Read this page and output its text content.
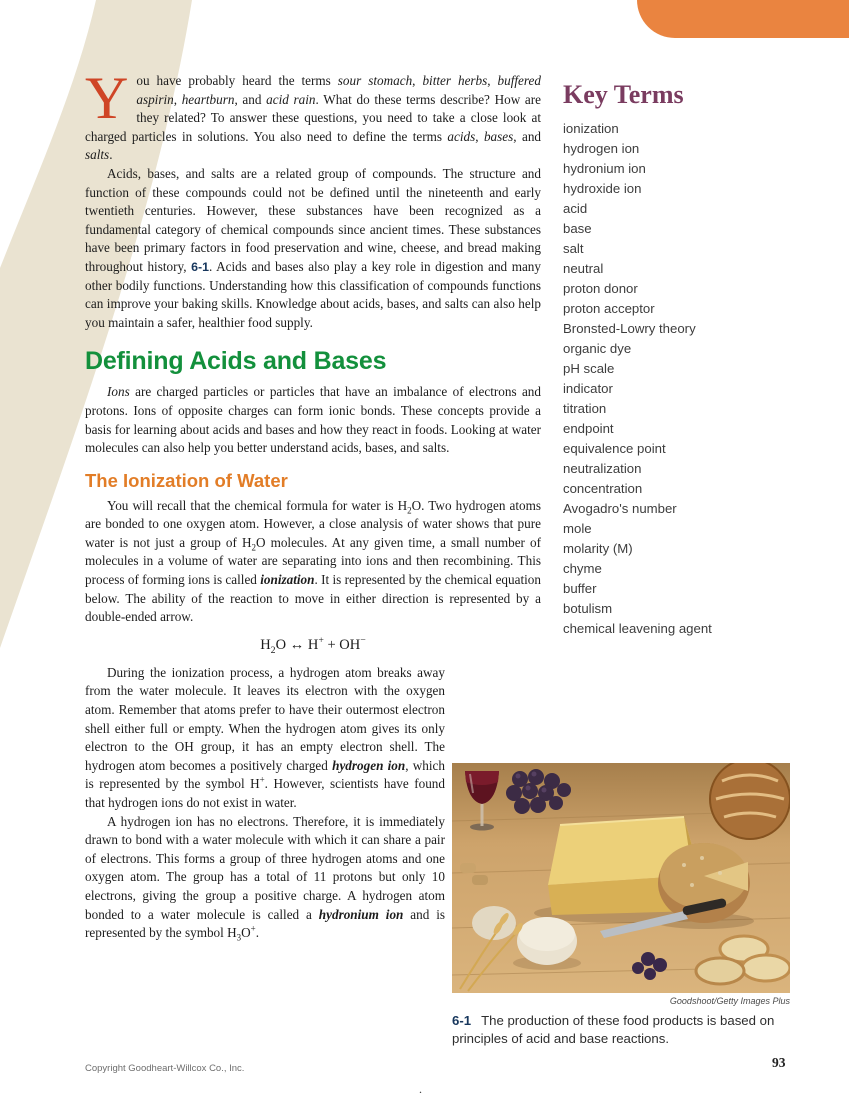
You have probably heard the terms sour stomach, bitter herbs, buffered aspirin, heartburn, and acid rain. What do these terms describe? How are they related? To answer these questions, you need to take a close look at charged particles in solutions. You also need to define the terms acids, bases, and salts.

Acids, bases, and salts are a related group of compounds. The structure and function of these compounds could not be defined until the nineteenth and early twentieth centuries. However, these substances have been recognized as a fundamental category of chemical compounds since ancient times. These substances have been primary factors in food preservation and wine, cheese, and bread making throughout history, 6-1. Acids and bases also play a key role in digestion and many other bodily functions. Understanding how this classification of compounds functions can improve your baking skills. Knowledge about acids, bases, and salts can also help you maintain a safer, healthier food supply.

Defining Acids and Bases

Ions are charged particles or particles that have an imbalance of electrons and protons. Ions of opposite charges can form ionic bonds. These concepts provide a basis for learning about acids and bases and how they react in foods. Looking at water molecules can also help you better understand acids, bases, and salts.

The Ionization of Water

You will recall that the chemical formula for water is $H_2O$. Two hydrogen atoms are bonded to one oxygen atom. However, a close analysis of water shows that pure water is not just a group of $H_2O$ molecules. At any given time, a small number of molecules in a volume of water are separating into ions and then recombining. This process of forming ions is called ionization. It is represented by the chemical equation below. The ability of the reaction to move in either direction is represented by a double-ended arrow.

$H_2O$ ↔ H+ + OH−

During the ionization process, a hydrogen atom breaks away from the water molecule. It leaves its electron with the oxygen atom. Remember that atoms prefer to have their outermost electron shell either full or empty. When the hydrogen atom gives its only electron to the OH group, it has an empty electron shell. The hydrogen atom becomes a positively charged hydrogen ion, which is represented by the symbol H+. However, scientists have found that hydrogen ions do not exist in water.

A hydrogen ion has no electrons. Therefore, it is immediately drawn to bond with a water molecule with which it can share a pair of electrons. This forms a group of three hydrogen atoms and one oxygen atom. The group has a total of 11 protons but only 10 electrons, giving the group a positive charge. A hydrogen atom bonded to a water molecule is called a hydronium ion and is represented by the symbol $H_3O^+$.

Key Terms
ionization
hydrogen ion
hydronium ion
hydroxide ion
acid
base
salt
neutral
proton donor
proton acceptor
Bronsted-Lowry theory
organic dye
pH scale
indicator
titration
endpoint
equivalence point
neutralization
concentration
Avogadro's number
mole
molarity (M)
chyme
buffer
botulism
chemical leavening agent
Goodshoot/Getty Images Plus
6-1 The production of these food products is based on principles of acid and base reactions.
Copyright Goodheart-Willcox Co., Inc.	93
.
